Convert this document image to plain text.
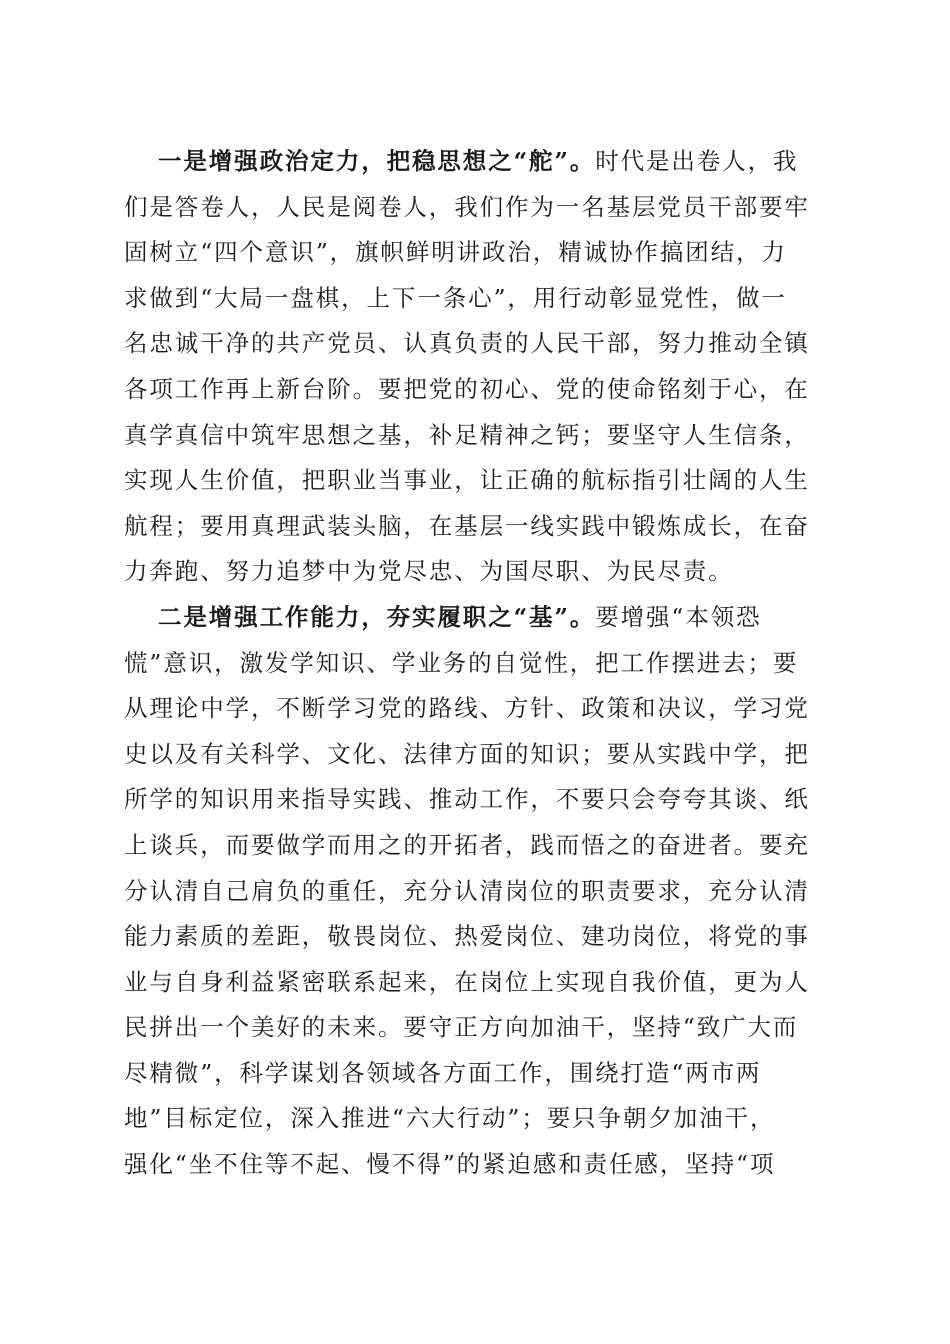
一是增强政治定力，把稳思想之“舵”。时代是出卷人，我
们是答卷人，人民是阅卷人，我们作为一名基层党员干部要牢
固树立“四个意识”，旗帜鲜明讲政治，精诚协作搞团结，力
求做到“大局一盘棋，上下一条心”，用行动彰显党性，做一
名忠诚干净的共产党员、认真负责的人民干部，努力推动全镇
各项工作再上新台阶。要把党的初心、党的使命铭刻于心，在
真学真信中筑牢思想之基，补足精神之钙；要坚守人生信条，
实现人生价值，把职业当事业，让正确的航标指引壮阔的人生
航程；要用真理武装头脑，在基层一线实践中锻炼成长，在奋
力奔跑、努力追梦中为党尽忠、为国尽职、为民尽责。
二是增强工作能力，夯实履职之“基”。要增强“本领恐
慌”意识，激发学知识、学业务的自觉性，把工作摆进去；要
从理论中学，不断学习党的路线、方针、政策和决议，学习党
史以及有关科学、文化、法律方面的知识；要从实践中学，把
所学的知识用来指导实践、推动工作，不要只会夸夸其谈、纸
上谈兵，而要做学而用之的开拓者，践而悟之的奋进者。要充
分认清自己肩负的重任，充分认清岗位的职责要求，充分认清
能力素质的差距，敬畏岗位、热爱岗位、建功岗位，将党的事
业与自身利益紧密联系起来，在岗位上实现自我价值，更为人
民拼出一个美好的未来。要守正方向加油干，坚持“致广大而
尽精微”，科学谋划各领域各方面工作，围绕打造“两市两
地”目标定位，深入推进“六大行动”；要只争朝夕加油干，
强化“坐不住等不起、慢不得”的紧迫感和责任感，坚持“项
